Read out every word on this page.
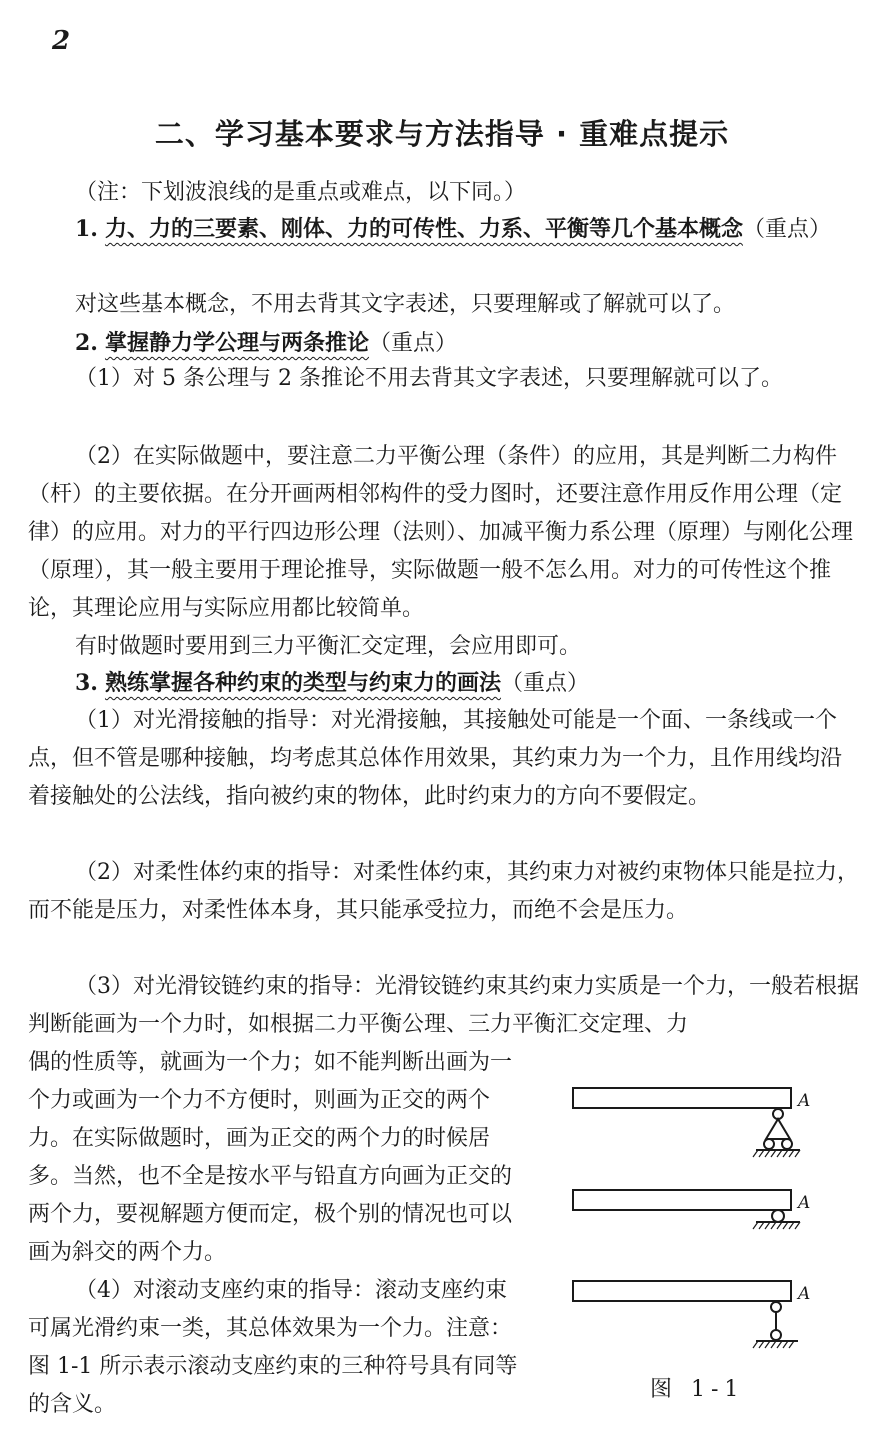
2
二、学习基本要求与方法指导 · 重难点提示

（注：下划波浪线的是重点或难点，以下同。）

1. 力、力的三要素、刚体、力的可传性、力系、平衡等几个基本概念（重点）

对这些基本概念，不用去背其文字表述，只要理解或了解就可以了。

2. 掌握静力学公理与两条推论（重点）

（1）对 5 条公理与 2 条推论不用去背其文字表述，只要理解就可以了。

（2）在实际做题中，要注意二力平衡公理（条件）的应用，其是判断二力构件（杆）的主要依据。在分开画两相邻构件的受力图时，还要注意作用反作用公理（定律）的应用。对力的平行四边形公理（法则）、加减平衡力系公理（原理）与刚化公理（原理），其一般主要用于理论推导，实际做题一般不怎么用。对力的可传性这个推论，其理论应用与实际应用都比较简单。

有时做题时要用到三力平衡汇交定理，会应用即可。

3. 熟练掌握各种约束的类型与约束力的画法（重点）

（1）对光滑接触的指导：对光滑接触，其接触处可能是一个面、一条线或一个点，但不管是哪种接触，均考虑其总体作用效果，其约束力为一个力，且作用线均沿着接触处的公法线，指向被约束的物体，此时约束力的方向不要假定。

（2）对柔性体约束的指导：对柔性体约束，其约束力对被约束物体只能是拉力，而不能是压力，对柔性体本身，其只能承受拉力，而绝不会是压力。

（3）对光滑铰链约束的指导：光滑铰链约束其约束力实质是一个力，一般若根据判断能画为一个力时，如根据二力平衡公理、三力平衡汇交定理、力

偶的性质等，就画为一个力；如不能判断出画为一个力或画为一个力不方便时，则画为正交的两个力。在实际做题时，画为正交的两个力的时候居多。当然，也不全是按水平与铅直方向画为正交的两个力，要视解题方便而定，极个别的情况也可以画为斜交的两个力。

（4）对滚动支座约束的指导：滚动支座约束可属光滑约束一类，其总体效果为一个力。注意：图 1-1 所示表示滚动支座约束的三种符号具有同等的含义。

A
A
A
图 1-1
